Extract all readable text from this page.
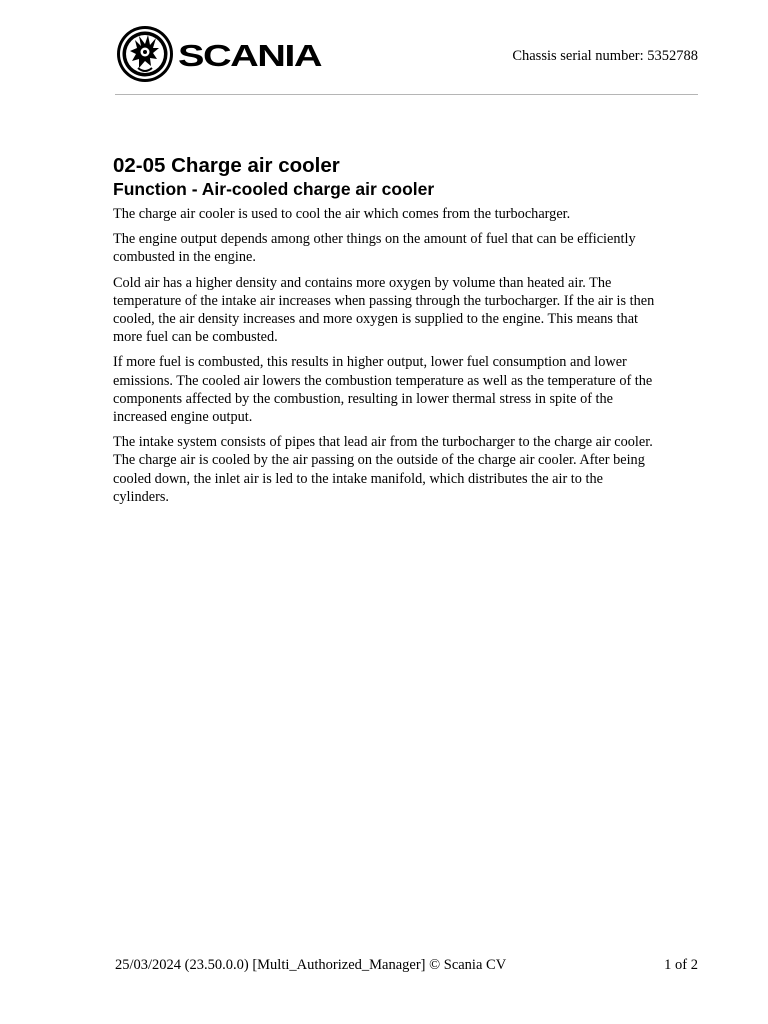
SCANIA	Chassis serial number: 5352788
02-05 Charge air cooler
Function - Air-cooled charge air cooler

The charge air cooler is used to cool the air which comes from the turbocharger.

The engine output depends among other things on the amount of fuel that can be efficiently combusted in the engine.

Cold air has a higher density and contains more oxygen by volume than heated air. The temperature of the intake air increases when passing through the turbocharger. If the air is then cooled, the air density increases and more oxygen is supplied to the engine. This means that more fuel can be combusted.

If more fuel is combusted, this results in higher output, lower fuel consumption and lower emissions. The cooled air lowers the combustion temperature as well as the temperature of the components affected by the combustion, resulting in lower thermal stress in spite of the increased engine output.

The intake system consists of pipes that lead air from the turbocharger to the charge air cooler. The charge air is cooled by the air passing on the outside of the charge air cooler. After being cooled down, the inlet air is led to the intake manifold, which distributes the air to the cylinders.

25/03/2024 (23.50.0.0) [Multi_Authorized_Manager] © Scania CV	1 of 2
